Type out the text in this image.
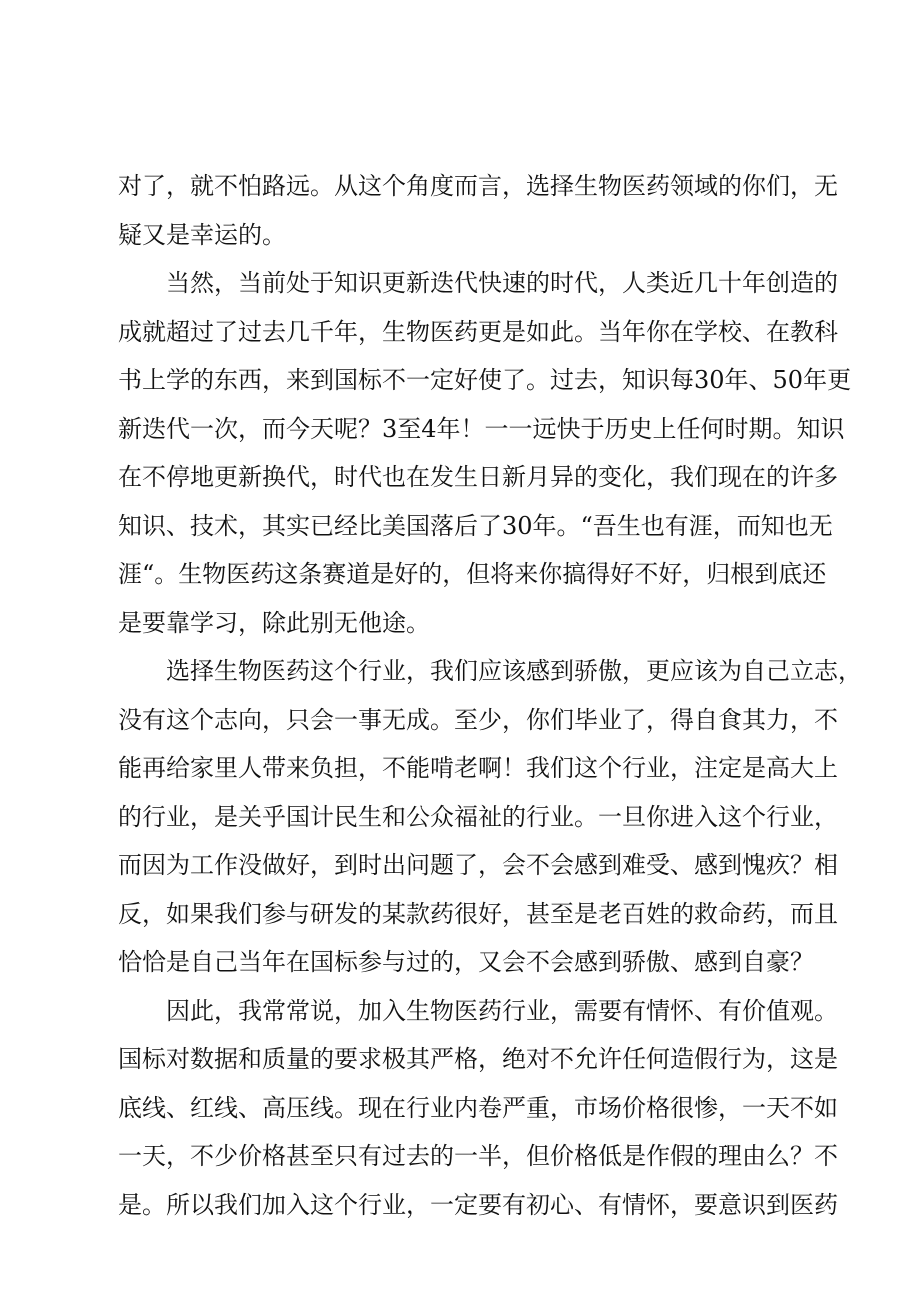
对了，就不怕路远。从这个角度而言，选择生物医药领域的你们，无
疑又是幸运的。
当然，当前处于知识更新迭代快速的时代，人类近几十年创造的
成就超过了过去几千年，生物医药更是如此。当年你在学校、在教科
书上学的东西，来到国标不一定好使了。过去，知识每30年、50年更
新迭代一次，而今天呢？3至4年！一一远快于历史上任何时期。知识
在不停地更新换代，时代也在发生日新月异的变化，我们现在的许多
知识、技术，其实已经比美国落后了30年。“吾生也有涯，而知也无
涯“。生物医药这条赛道是好的，但将来你搞得好不好，归根到底还
是要靠学习，除此别无他途。
选择生物医药这个行业，我们应该感到骄傲，更应该为自己立志，
没有这个志向，只会一事无成。至少，你们毕业了，得自食其力，不
能再给家里人带来负担，不能啃老啊！我们这个行业，注定是高大上
的行业，是关乎国计民生和公众福祉的行业。一旦你进入这个行业，
而因为工作没做好，到时出问题了，会不会感到难受、感到愧疚？相
反，如果我们参与研发的某款药很好，甚至是老百姓的救命药，而且
恰恰是自己当年在国标参与过的，又会不会感到骄傲、感到自豪？
因此，我常常说，加入生物医药行业，需要有情怀、有价值观。
国标对数据和质量的要求极其严格，绝对不允许任何造假行为，这是
底线、红线、高压线。现在行业内卷严重，市场价格很惨，一天不如
一天，不少价格甚至只有过去的一半，但价格低是作假的理由么？不
是。所以我们加入这个行业，一定要有初心、有情怀，要意识到医药
